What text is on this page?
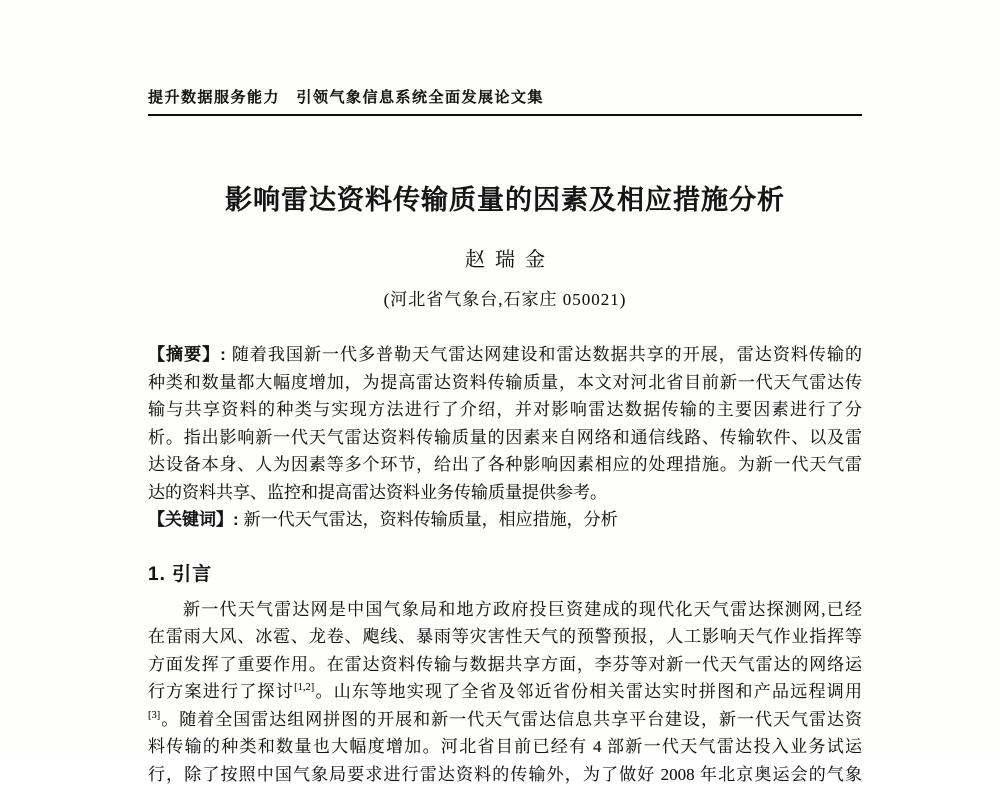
提升数据服务能力　引领气象信息系统全面发展论文集
影响雷达资料传输质量的因素及相应措施分析
赵瑞金
(河北省气象台,石家庄 050021)
【摘要】: 随着我国新一代多普勒天气雷达网建设和雷达数据共享的开展，雷达资料传输的
种类和数量都大幅度增加，为提高雷达资料传输质量，本文对河北省目前新一代天气雷达传
输与共享资料的种类与实现方法进行了介绍，并对影响雷达数据传输的主要因素进行了分
析。指出影响新一代天气雷达资料传输质量的因素来自网络和通信线路、传输软件、以及雷
达设备本身、人为因素等多个环节，给出了各种影响因素相应的处理措施。为新一代天气雷
达的资料共享、监控和提高雷达资料业务传输质量提供参考。
【关键词】: 新一代天气雷达，资料传输质量，相应措施，分析
1. 引言
新一代天气雷达网是中国气象局和地方政府投巨资建成的现代化天气雷达探测网,已经
在雷雨大风、冰雹、龙卷、飑线、暴雨等灾害性天气的预警预报，人工影响天气作业指挥等
方面发挥了重要作用。在雷达资料传输与数据共享方面，李芬等对新一代天气雷达的网络运
行方案进行了探讨[1,2]。山东等地实现了全省及邻近省份相关雷达实时拼图和产品远程调用
[3]。随着全国雷达组网拼图的开展和新一代天气雷达信息共享平台建设，新一代天气雷达资
料传输的种类和数量也大幅度增加。河北省目前已经有 4 部新一代天气雷达投入业务试运
行，除了按照中国气象局要求进行雷达资料的传输外，为了做好 2008 年北京奥运会的气象
